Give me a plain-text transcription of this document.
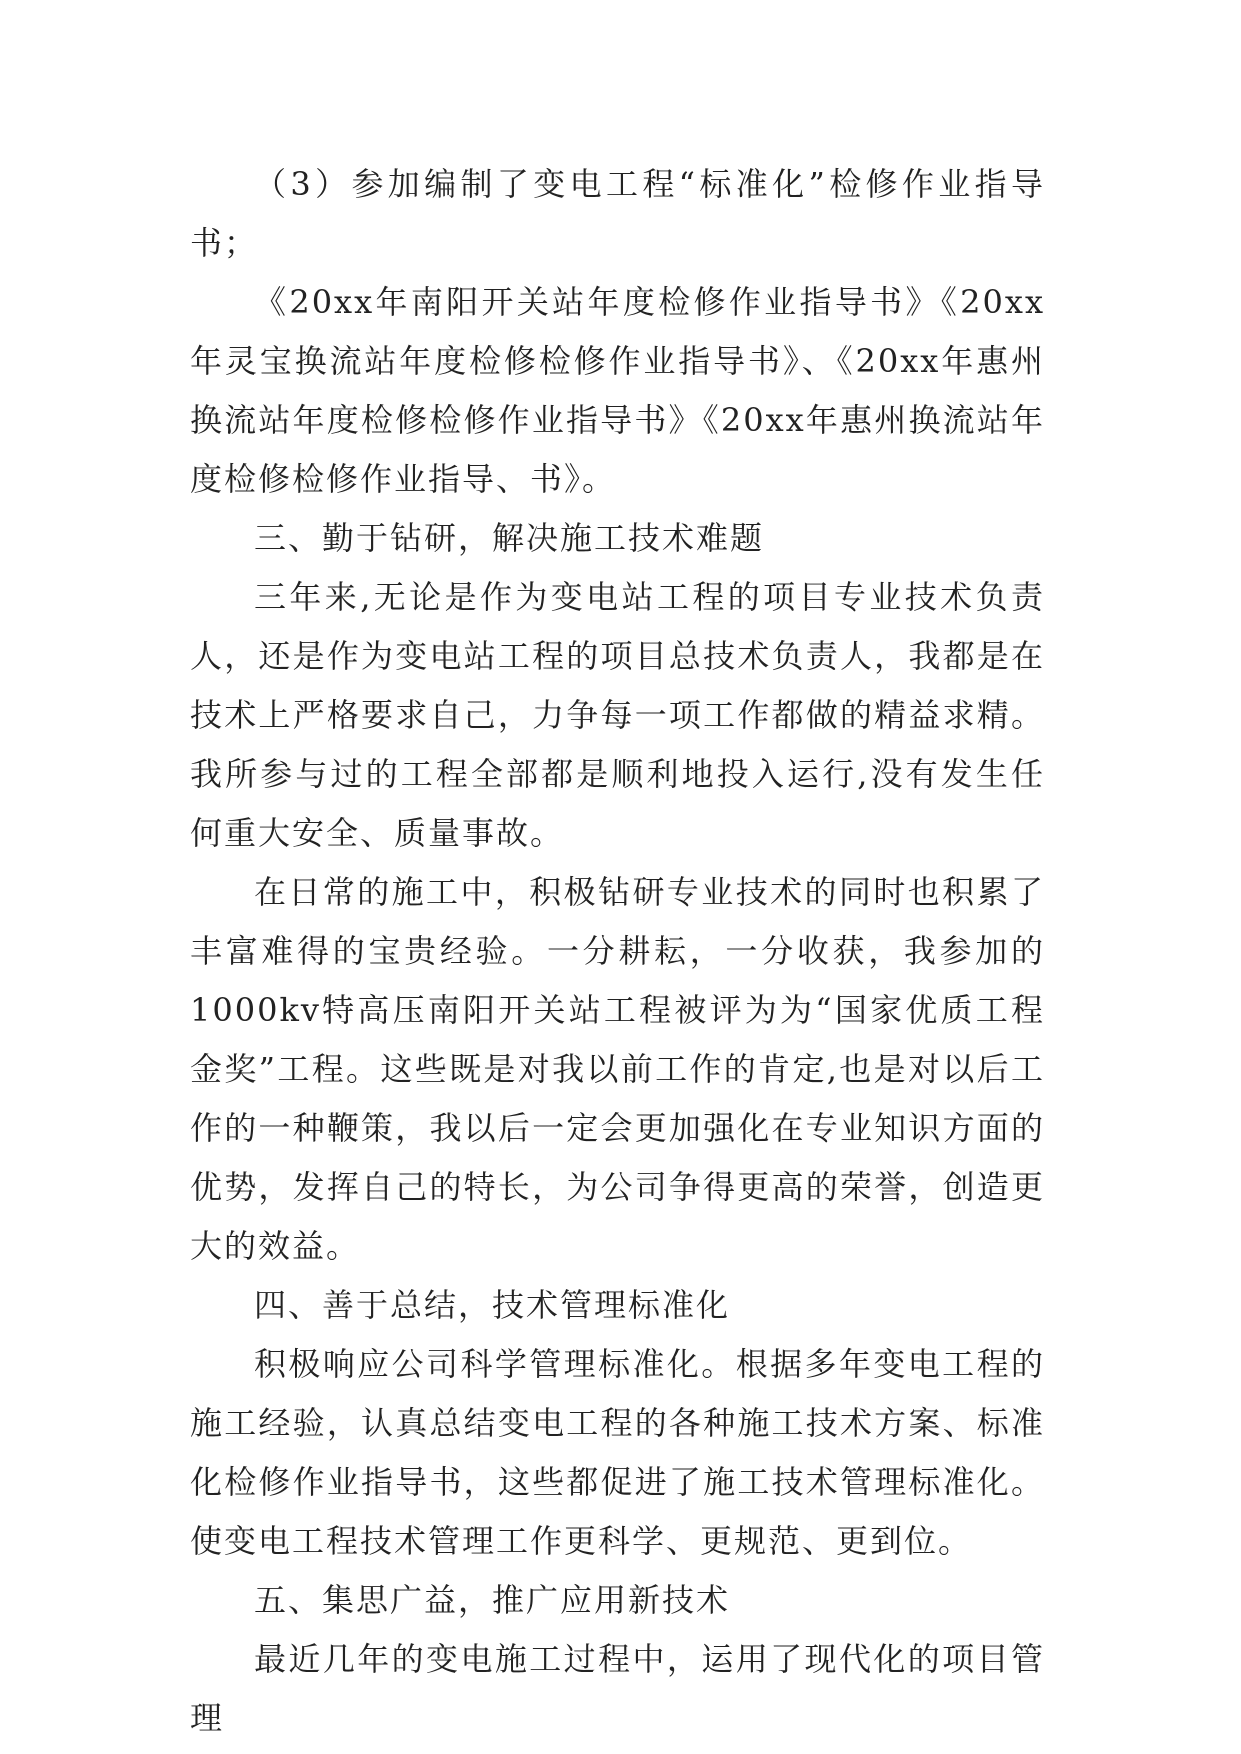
（3）参加编制了变电工程“标准化”检修作业指导书；

《20xx年南阳开关站年度检修作业指导书》《20xx年灵宝换流站年度检修检修作业指导书》、《20xx年惠州换流站年度检修检修作业指导书》《20xx年惠州换流站年度检修检修作业指导、书》。

三、勤于钻研，解决施工技术难题

三年来,无论是作为变电站工程的项目专业技术负责人，还是作为变电站工程的项目总技术负责人，我都是在技术上严格要求自己，力争每一项工作都做的精益求精。我所参与过的工程全部都是顺利地投入运行,没有发生任何重大安全、质量事故。

在日常的施工中，积极钻研专业技术的同时也积累了丰富难得的宝贵经验。一分耕耘，一分收获，我参加的1000kv特高压南阳开关站工程被评为为“国家优质工程金奖”工程。这些既是对我以前工作的肯定,也是对以后工作的一种鞭策，我以后一定会更加强化在专业知识方面的优势，发挥自己的特长，为公司争得更高的荣誉，创造更大的效益。

四、善于总结，技术管理标准化

积极响应公司科学管理标准化。根据多年变电工程的施工经验，认真总结变电工程的各种施工技术方案、标准化检修作业指导书，这些都促进了施工技术管理标准化。使变电工程技术管理工作更科学、更规范、更到位。

五、集思广益，推广应用新技术

最近几年的变电施工过程中，运用了现代化的项目管理
